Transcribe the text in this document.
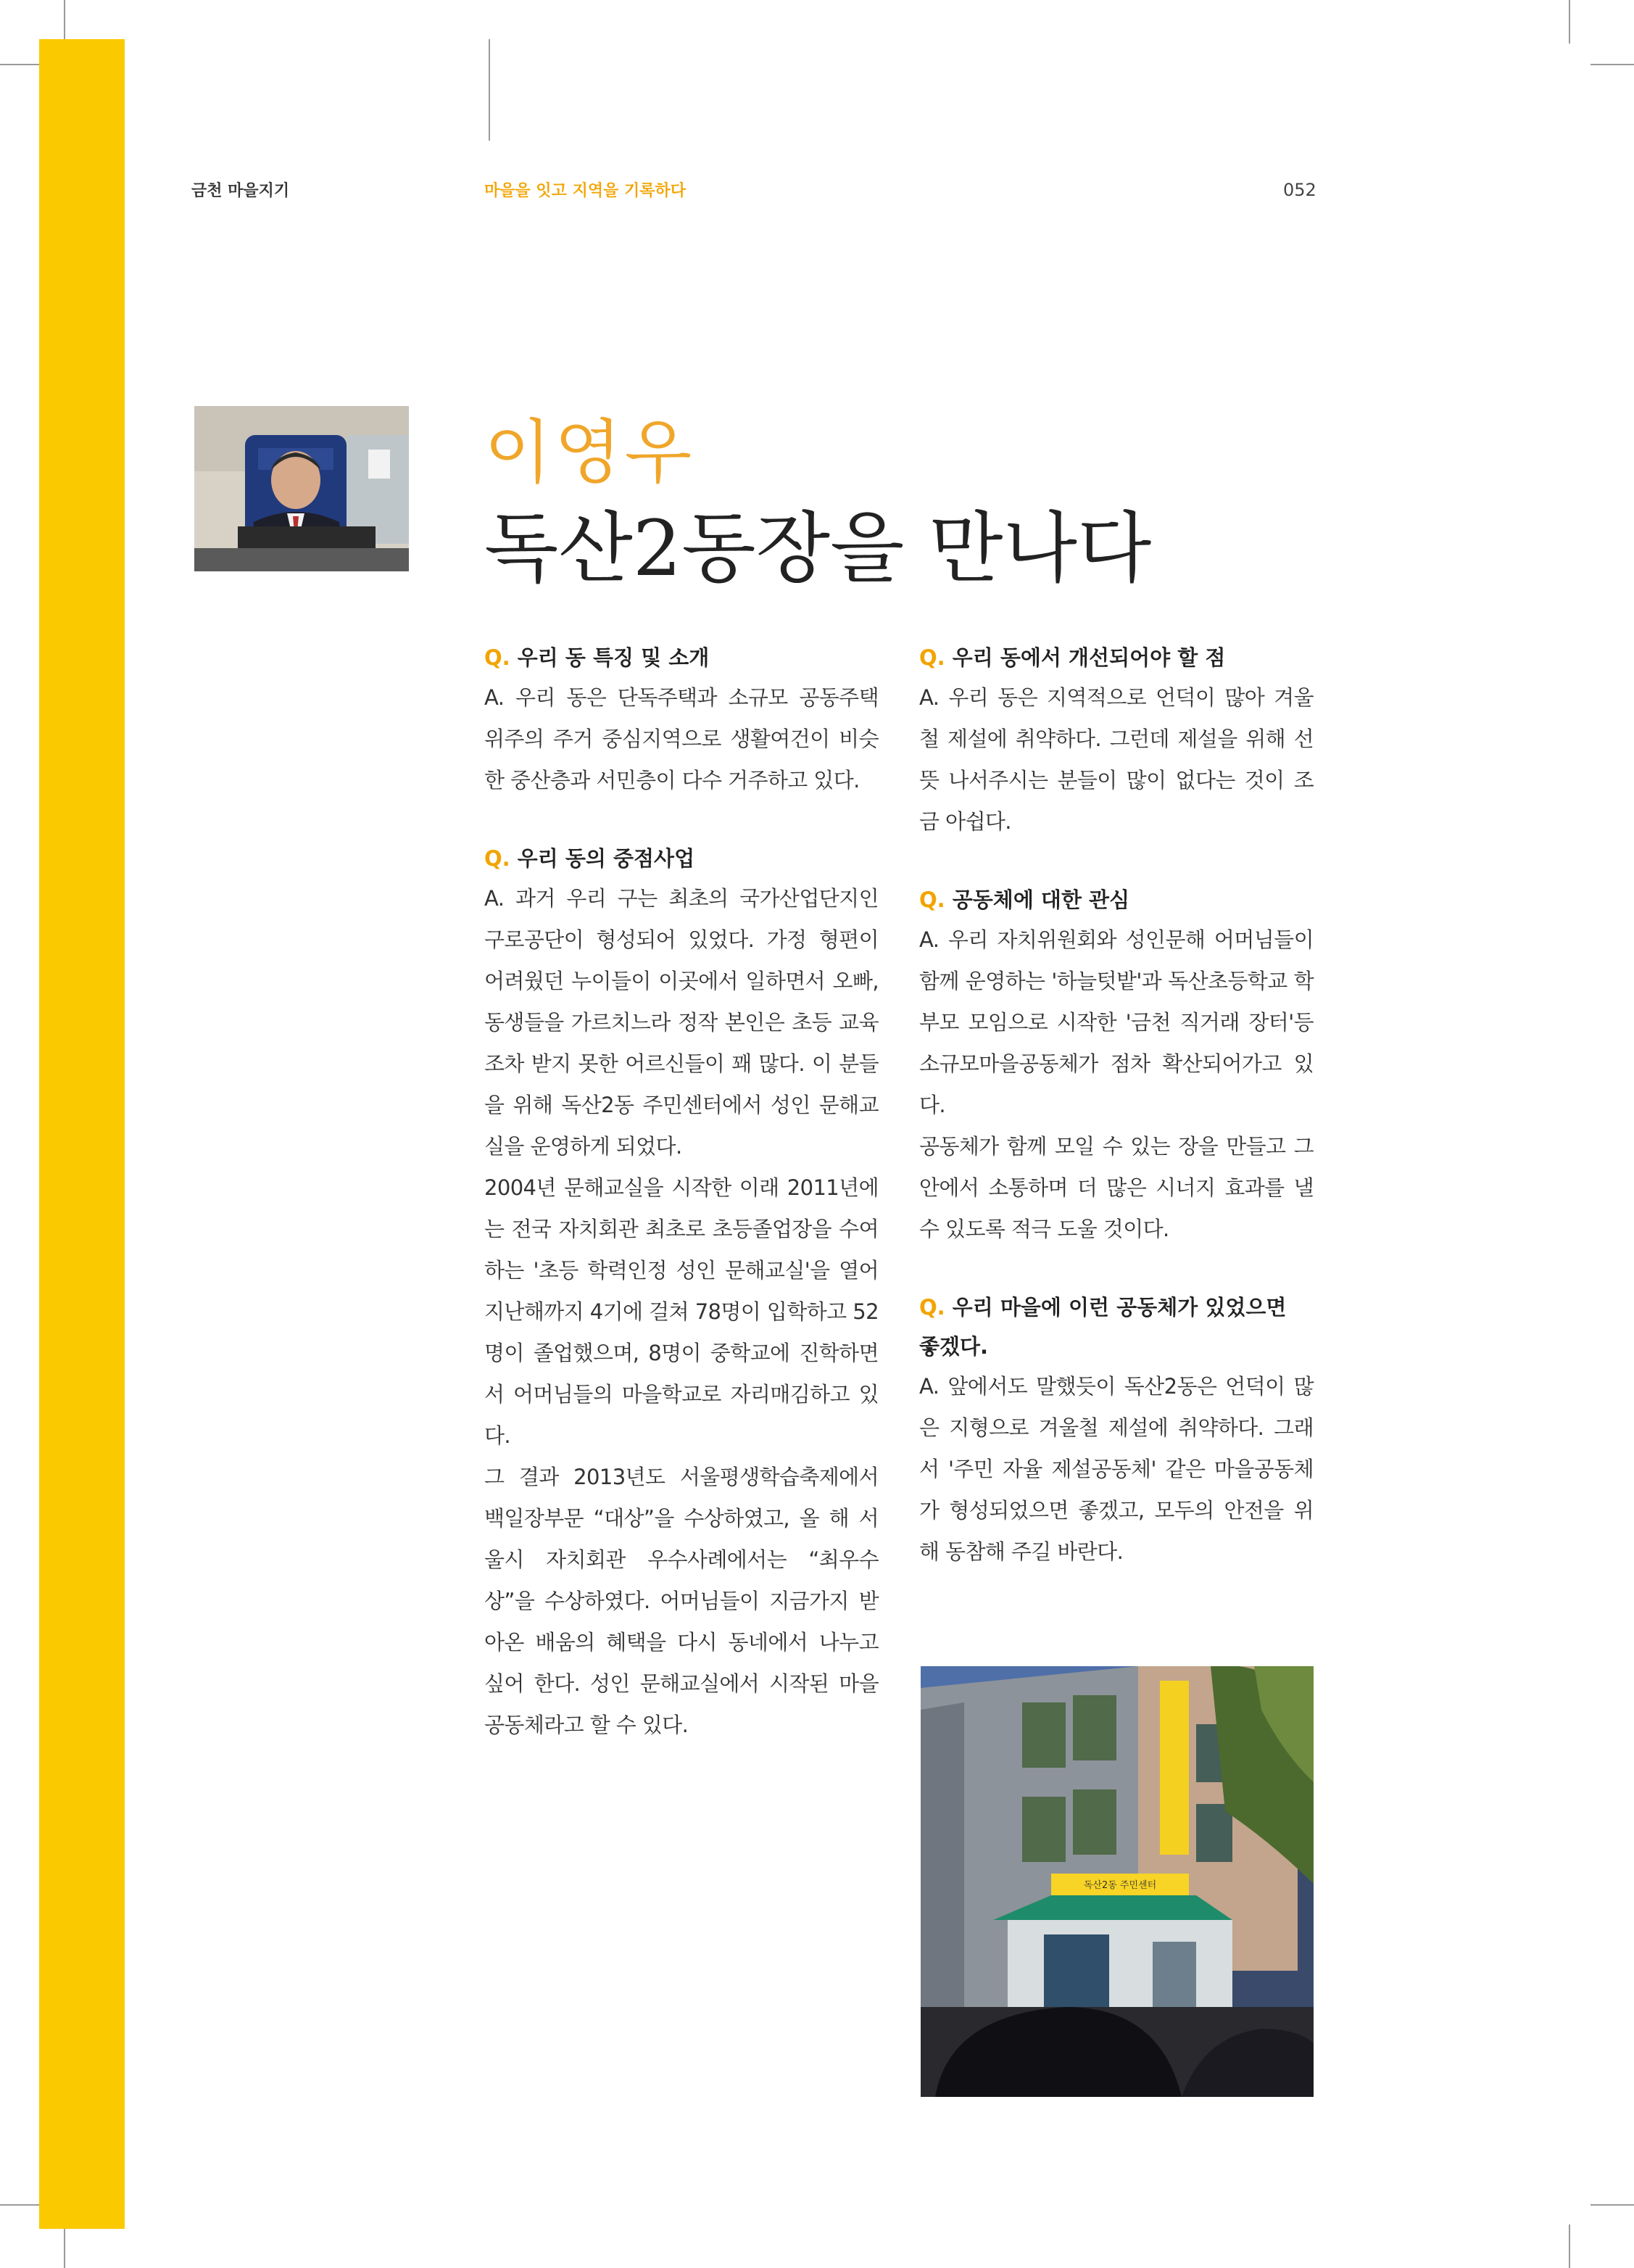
금천 마을지기	마을을 잇고 지역을 기록하다	052
이영우
독산2동장을 만나다

Q. 우리 동 특징 및 소개

A. 우리 동은 단독주택과 소규모 공동주택 위주의 주거 중심지역으로 생활여건이 비슷한 중산층과 서민층이 다수 거주하고 있다.

Q. 우리 동의 중점사업

A. 과거 우리 구는 최초의 국가산업단지인 구로공단이 형성되어 있었다. 가정 형편이 어려웠던 누이들이 이곳에서 일하면서 오빠, 동생들을 가르치느라 정작 본인은 초등 교육조차 받지 못한 어르신들이 꽤 많다. 이 분들을 위해 독산2동 주민센터에서 성인 문해교실을 운영하게 되었다.

2004년 문해교실을 시작한 이래 2011년에는 전국 자치회관 최초로 초등졸업장을 수여하는 '초등 학력인정 성인 문해교실'을 열어 지난해까지 4기에 걸쳐 78명이 입학하고 52명이 졸업했으며, 8명이 중학교에 진학하면서 어머님들의 마을학교로 자리매김하고 있다.

그 결과 2013년도 서울평생학습축제에서 백일장부문 “대상”을 수상하였고, 올 해 서울시 자치회관 우수사례에서는 “최우수상”을 수상하였다. 어머님들이 지금가지 받아온 배움의 혜택을 다시 동네에서 나누고 싶어 한다. 성인 문해교실에서 시작된 마을공동체라고 할 수 있다.

Q. 우리 동에서 개선되어야 할 점

A. 우리 동은 지역적으로 언덕이 많아 겨울철 제설에 취약하다. 그런데 제설을 위해 선뜻 나서주시는 분들이 많이 없다는 것이 조금 아쉽다.

Q. 공동체에 대한 관심

A. 우리 자치위원회와 성인문해 어머님들이 함께 운영하는 '하늘텃밭'과 독산초등학교 학부모 모임으로 시작한 '금천 직거래 장터'등 소규모마을공동체가 점차 확산되어가고 있다.

공동체가 함께 모일 수 있는 장을 만들고 그 안에서 소통하며 더 많은 시너지 효과를 낼 수 있도록 적극 도울 것이다.

Q. 우리 마을에 이런 공동체가 있었으면 좋겠다.

A. 앞에서도 말했듯이 독산2동은 언덕이 많은 지형으로 겨울철 제설에 취약하다. 그래서 '주민 자율 제설공동체' 같은 마을공동체가 형성되었으면 좋겠고, 모두의 안전을 위해 동참해 주길 바란다.

독산2동 주민센터
